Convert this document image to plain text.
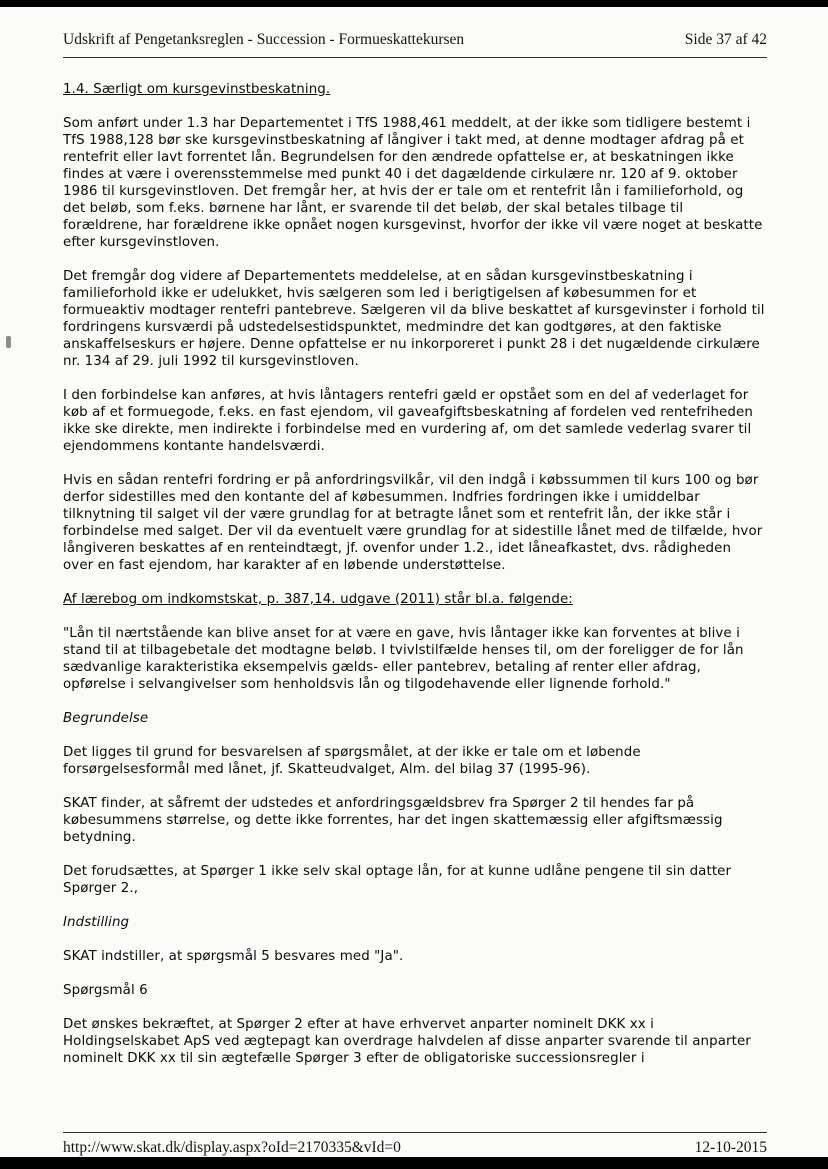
Udskrift af Pengetanksreglen - Succession - Formueskattekursen	Side 37 af 42

1.4. Særligt om kursgevinstbeskatning.

Som anført under 1.3 har Departementet i TfS 1988,461 meddelt, at der ikke som tidligere bestemt i TfS 1988,128 bør ske kursgevinstbeskatning af långiver i takt med, at denne modtager afdrag på et rentefrit eller lavt forrentet lån. Begrundelsen for den ændrede opfattelse er, at beskatningen ikke findes at være i overensstemmelse med punkt 40 i det dagældende cirkulære nr. 120 af 9. oktober 1986 til kursgevinstloven. Det fremgår her, at hvis der er tale om et rentefrit lån i familieforhold, og det beløb, som f.eks. børnene har lånt, er svarende til det beløb, der skal betales tilbage til forældrene, har forældrene ikke opnået nogen kursgevinst, hvorfor der ikke vil være noget at beskatte efter kursgevinstloven.

Det fremgår dog videre af Departementets meddelelse, at en sådan kursgevinstbeskatning i familieforhold ikke er udelukket, hvis sælgeren som led i berigtigelsen af købesummen for et formueaktiv modtager rentefri pantebreve. Sælgeren vil da blive beskattet af kursgevinster i forhold til fordringens kursværdi på udstedelsestidspunktet, medmindre det kan godtgøres, at den faktiske anskaffelseskurs er højere. Denne opfattelse er nu inkorporeret i punkt 28 i det nugældende cirkulære nr. 134 af 29. juli 1992 til kursgevinstloven.

I den forbindelse kan anføres, at hvis låntagers rentefri gæld er opstået som en del af vederlaget for køb af et formuegode, f.eks. en fast ejendom, vil gaveafgiftsbeskatning af fordelen ved rentefriheden ikke ske direkte, men indirekte i forbindelse med en vurdering af, om det samlede vederlag svarer til ejendommens kontante handelsværdi.

Hvis en sådan rentefri fordring er på anfordringsvilkår, vil den indgå i købssummen til kurs 100 og bør derfor sidestilles med den kontante del af købesummen. Indfries fordringen ikke i umiddelbar tilknytning til salget vil der være grundlag for at betragte lånet som et rentefrit lån, der ikke står i forbindelse med salget. Der vil da eventuelt være grundlag for at sidestille lånet med de tilfælde, hvor långiveren beskattes af en renteindtægt, jf. ovenfor under 1.2., idet låneafkastet, dvs. rådigheden over en fast ejendom, har karakter af en løbende understøttelse.

Af lærebog om indkomstskat, p. 387,14. udgave (2011) står bl.a. følgende:

"Lån til nærtstående kan blive anset for at være en gave, hvis låntager ikke kan forventes at blive i stand til at tilbagebetale det modtagne beløb. I tvivlstilfælde henses til, om der foreligger de for lån sædvanlige karakteristika eksempelvis gælds- eller pantebrev, betaling af renter eller afdrag, opførelse i selvangivelser som henholdsvis lån og tilgodehavende eller lignende forhold."

Begrundelse

Det ligges til grund for besvarelsen af spørgsmålet, at der ikke er tale om et løbende forsørgelsesformål med lånet, jf. Skatteudvalget, Alm. del bilag 37 (1995-96).

SKAT finder, at såfremt der udstedes et anfordringsgældsbrev fra Spørger 2 til hendes far på købesummens størrelse, og dette ikke forrentes, har det ingen skattemæssig eller afgiftsmæssig betydning.

Det forudsættes, at Spørger 1 ikke selv skal optage lån, for at kunne udlåne pengene til sin datter Spørger 2.,

Indstilling

SKAT indstiller, at spørgsmål 5 besvares med "Ja".

Spørgsmål 6

Det ønskes bekræftet, at Spørger 2 efter at have erhvervet anparter nominelt DKK xx i Holdingselskabet ApS ved ægtepagt kan overdrage halvdelen af disse anparter svarende til anparter nominelt DKK xx til sin ægtefælle Spørger 3 efter de obligatoriske successionsregler i

http://www.skat.dk/display.aspx?oId=2170335&vId=0	12-10-2015
